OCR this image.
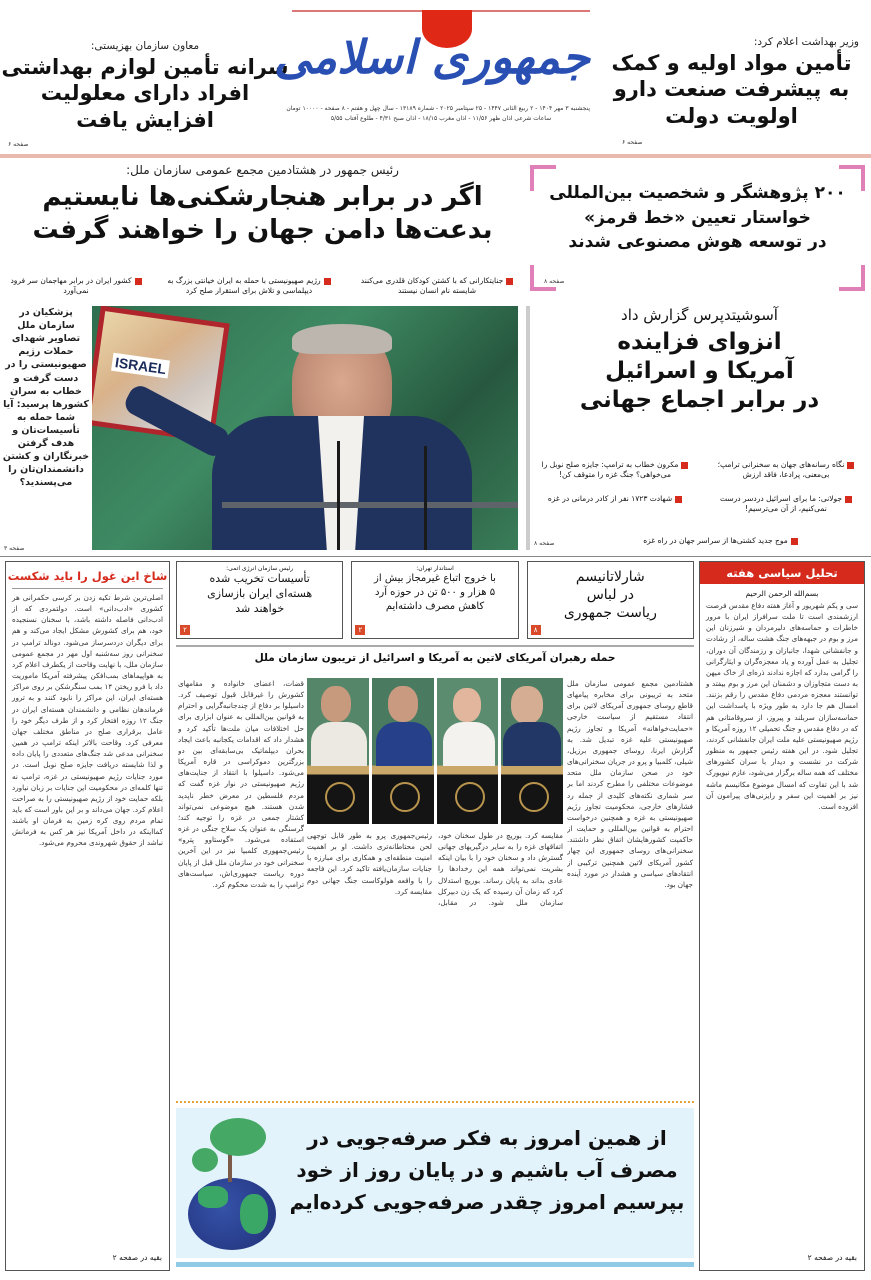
معاون سازمان بهزیستی:
سرانه تأمین لوازم بهداشتی
افراد دارای معلولیت
افزایش یافت
صفحه ۶
جمهوری اسلامی
پنجشنبه ۳ مهر ۱۴۰۴ - ۲ ربیع الثانی ۱۴۴۷ - ۲۵ سپتامبر ۲۰۲۵ - شماره ۱۳۱۸۹ - سال چهل و هفتم - ۸ صفحه - ۱۰۰۰۰ تومان
ساعات شرعی اذان ظهر ۱۱/۵۶ - اذان مغرب ۱۸/۱۵ - اذان صبح ۴/۳۱ - طلوع آفتاب ۵/۵۵
وزیر بهداشت اعلام کرد:
تأمین مواد اولیه و کمک
به پیشرفت صنعت دارو
اولویت دولت
صفحه ۶
رئیس جمهور در هشتادمین مجمع عمومی سازمان ملل:
اگر در برابر هنجارشکنی‌ها نایستیم
بدعت‌ها دامن جهان را خواهند گرفت
جنایتکارانی که با کشتن کودکان قلدری می‌کنند شایسته نام انسان نیستند
رژیم صهیونیستی با حمله به ایران خیانتی بزرگ به دیپلماسی و تلاش برای استقرار صلح کرد
کشور ایران در برابر مهاجمان سر فرود نمی‌آورد
۲۰۰ پژوهشگر و شخصیت بین‌المللی
خواستار تعیین «خط قرمز»
در توسعه هوش مصنوعی شدند
صفحه ۸
پزشکیان در سازمان ملل تصاویر شهدای حملات رژیم صهیونیستی را در دست گرفت و خطاب به سران کشورها پرسید: آیا شما حمله به تأسیسات‌تان و هدف گرفتن خبرنگاران و کشتن دانشمندان‌تان را می‌پسندید؟
صفحه ۳
ISRAEL
آسوشیتدپرس گزارش داد
انزوای فزاینده
آمریکا و اسرائیل
در برابر اجماع جهانی
نگاه رسانه‌های جهان به سخنرانی ترامپ؛ بی‌معنی، پرادعا، فاقد ارزش
مکرون خطاب به ترامپ: جایزه صلح نوبل را می‌خواهی؟ جنگ غزه را متوقف کن!
جولانی: ما برای اسرائیل دردسر درست نمی‌کنیم، از آن می‌ترسیم!
شهادت ۱۷۲۳ نفر از کادر درمانی در غزه
موج جدید کشتی‌ها از سراسر جهان در راه غزه
صفحه ۸
شاخ این غول را باید شکست
اصلی‌ترین شرط تکیه زدن بر کرسی حکمرانی هر کشوری «ادب‌دانی» است. دولتمردی که از ادب‌دانی فاصله داشته باشد، با سخنان نسنجیده خود، هم برای کشورش مشکل ایجاد می‌کند و هم برای دیگران دردسرساز می‌شود. دونالد ترامپ در سخنرانی روز سه‌شنبه اول مهر در مجمع عمومی سازمان ملل، با نهایت وقاحت از یکطرف اعلام کرد به هواپیماهای بمب‌افکن پیشرفته آمریکا ماموریت داد با فرو ریختن ۱۴ بمب سنگرشکن بر روی مراکز هسته‌ای ایران، این مراکز را نابود کنند و به ترور فرماندهان نظامی و دانشمندان هسته‌ای ایران در جنگ ۱۲ روزه افتخار کرد و از طرف دیگر خود را عامل برقراری صلح در مناطق مختلف جهان معرفی کرد. وقاحت بالاتر اینکه ترامپ در همین سخنرانی مدعی شد جنگ‌های متعددی را پایان داده و لذا شایسته دریافت جایزه صلح نوبل است. در مورد جنایات رژیم صهیونیستی در غزه، ترامپ نه تنها کلمه‌ای در محکومیت این جنایات بر زبان نیاورد بلکه حمایت خود از رژیم صهیونیستی را به صراحت اعلام کرد. جهان می‌داند و بر این باور است که باید تمام مردم روی کره زمین به فرمان او باشند کمااینکه در داخل آمریکا نیز هر کس به فرمانش نباشد از حقوق شهروندی محروم می‌شود.
بقیه در صفحه ۲
تحلیل سیاسی هفته
بسم‌الله الرحمن الرحیم
سی و یکم شهریور و آغاز هفته دفاع مقدس فرصت ارزشمندی است تا ملت سرافراز ایران با مرور خاطرات و حماسه‌های دلیرمردان و شیرزنان این مرز و بوم در جبهه‌های جنگ هشت ساله، از رشادت و جانفشانی شهدا، جانبازان و رزمندگان آن دوران، تجلیل به عمل آورده و یاد معجزه‌گران و ایثارگرانی را گرامی بدارد که اجازه ندادند ذره‌ای از خاک میهن به دست متجاوزان و دشمنان این مرز و بوم بیفتد و توانستند معجزه مردمی دفاع مقدس را رقم بزنند. امسال هم جا دارد به طور ویژه با پاسداشت این حماسه‌سازان سربلند و پیروز، از سروقامتانی هم که در دفاع مقدس و جنگ تحمیلی ۱۲ روزه آمریکا و رژیم صهیونیستی علیه ملت ایران جانفشانی کردند، تجلیل شود. در این هفته رئیس جمهور به منظور شرکت در نشست و دیدار با سران کشورهای مختلف که همه ساله برگزار می‌شود، عازم نیویورک شد با این تفاوت که امسال موضوع مکانیسم ماشه نیز بر اهمیت این سفر و رایزنی‌های پیرامون آن افزوده است.
بقیه در صفحه ۲
شارلاتانیسم
در لباس
ریاست جمهوری
۸
استاندار تهران:
با خروج اتباع غیرمجاز بیش از
۵ هزار و ۵۰۰ تن در حوزه آرد
کاهش مصرف داشته‌ایم
۲
رئیس سازمان انرژی اتمی:
تأسیسات تخریب شده
هسته‌ای ایران بازسازی
خواهند شد
۲
حمله رهبران آمریکای لاتین به آمریکا و اسرائیل از تریبون سازمان ملل
هشتادمین مجمع عمومی سازمان ملل متحد به تریبونی برای مخابره پیامهای قاطع روسای جمهوری آمریکای لاتین برای انتقاد مستقیم از سیاست خارجی «حمایت‌خواهانه» آمریکا و تجاوز رژیم صهیونیستی علیه غزه تبدیل شد. به گزارش ایرنا، روسای جمهوری برزیل، شیلی، کلمبیا و پرو در جریان سخنرانی‌های خود در صحن سازمان ملل متحد موضوعات مختلفی را مطرح کردند اما بر سر شماری نکته‌های کلیدی از جمله رد فشارهای خارجی، محکومیت تجاوز رژیم صهیونیستی به غزه و همچنین درخواست احترام به قوانین بین‌المللی و حمایت از حاکمیت کشورهایشان اتفاق نظر داشتند. سخنرانی‌های روسای جمهوری این چهار کشور آمریکای لاتین همچنین ترکیبی از انتقادهای سیاسی و هشدار در مورد آینده جهان بود.
قضات، اعضای خانواده و مقامهای کشورش را غیرقابل قبول توصیف کرد. داسیلوا بر دفاع از چندجانبه‌گرایی و احترام به قوانین بین‌المللی به عنوان ابزاری برای حل اختلافات میان ملت‌ها تأکید کرد و هشدار داد که اقدامات یکجانبه باعث ایجاد بحران دیپلماتیک بی‌سابقه‌ای بین دو بزرگترین دموکراسی در قاره آمریکا می‌شود. داسیلوا با انتقاد از جنایت‌های رژیم صهیونیستی در نوار غزه گفت که مردم فلسطین در معرض خطر ناپدید شدن هستند. هیچ موضوعی نمی‌تواند کشتار جمعی در غزه را توجیه کند؛ گرسنگی به عنوان یک سلاح جنگی در غزه استفاده می‌شود. «گوستاوو پترو» رئیس‌جمهوری کلمبیا نیز در این آخرین سخنرانی خود در سازمان ملل قبل از پایان دوره ریاست جمهوری‌اش، سیاست‌های ترامپ را به شدت محکوم کرد.
مقایسه کرد. بوریچ در طول سخنان خود، اتفاقهای غزه را به سایر درگیریهای جهانی گسترش داد و سخنان خود را با بیان اینکه بشریت نمی‌تواند همه این رخدادها را عادی بداند به پایان رساند. بوریچ استدلال کرد که زمان آن رسیده که یک زن دبیرکل سازمان ملل شود. در مقابل، رئیس‌جمهوری پرو به طور قابل توجهی لحن محتاطانه‌تری داشت. او بر اهمیت امنیت منطقه‌ای و همکاری برای مبارزه با جنایات سازمان‌یافته تاکید کرد. این فاجعه را با واقعه هولوکاست جنگ جهانی دوم مقایسه کرد.
از همین امروز به فکر صرفه‌جویی در
مصرف آب باشیم و در پایان روز از خود
بپرسیم امروز چقدر صرفه‌جویی کرده‌ایم
